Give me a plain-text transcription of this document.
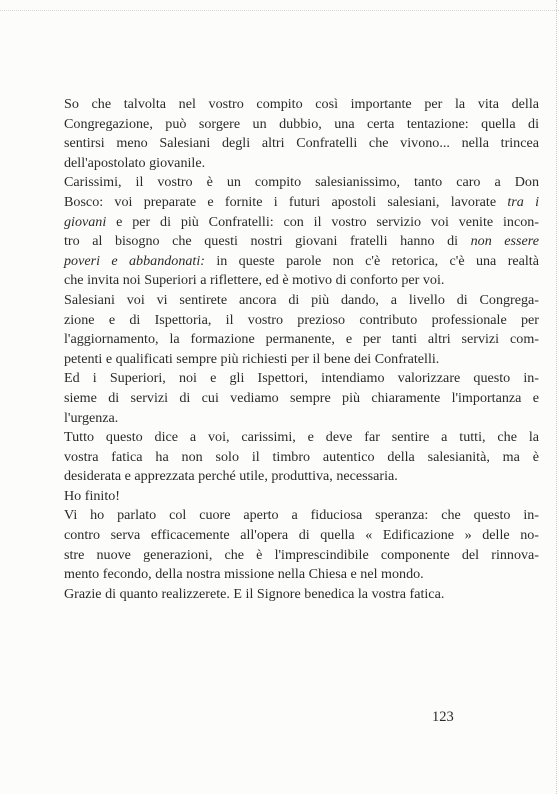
So che talvolta nel vostro compito così importante per la vita della
Congregazione, può sorgere un dubbio, una certa tentazione: quella di
sentirsi meno Salesiani degli altri Confratelli che vivono... nella trincea
dell'apostolato giovanile.

Carissimi, il vostro è un compito salesianissimo, tanto caro a Don
Bosco: voi preparate e fornite i futuri apostoli salesiani, lavorate tra i
giovani e per di più Confratelli: con il vostro servizio voi venite incon-
tro al bisogno che questi nostri giovani fratelli hanno di non essere
poveri e abbandonati: in queste parole non c'è retorica, c'è una realtà
che invita noi Superiori a riflettere, ed è motivo di conforto per voi.

Salesiani voi vi sentirete ancora di più dando, a livello di Congrega-
zione e di Ispettoria, il vostro prezioso contributo professionale per
l'aggiornamento, la formazione permanente, e per tanti altri servizi com-
petenti e qualificati sempre più richiesti per il bene dei Confratelli.

Ed i Superiori, noi e gli Ispettori, intendiamo valorizzare questo in-
sieme di servizi di cui vediamo sempre più chiaramente l'importanza e
l'urgenza.

Tutto questo dice a voi, carissimi, e deve far sentire a tutti, che la
vostra fatica ha non solo il timbro autentico della salesianità, ma è
desiderata e apprezzata perché utile, produttiva, necessaria.

Ho finito!

Vi ho parlato col cuore aperto a fiduciosa speranza: che questo in-
contro serva efficacemente all'opera di quella « Edificazione » delle no-
stre nuove generazioni, che è l'imprescindibile componente del rinnova-
mento fecondo, della nostra missione nella Chiesa e nel mondo.

Grazie di quanto realizzerete. E il Signore benedica la vostra fatica.

123
